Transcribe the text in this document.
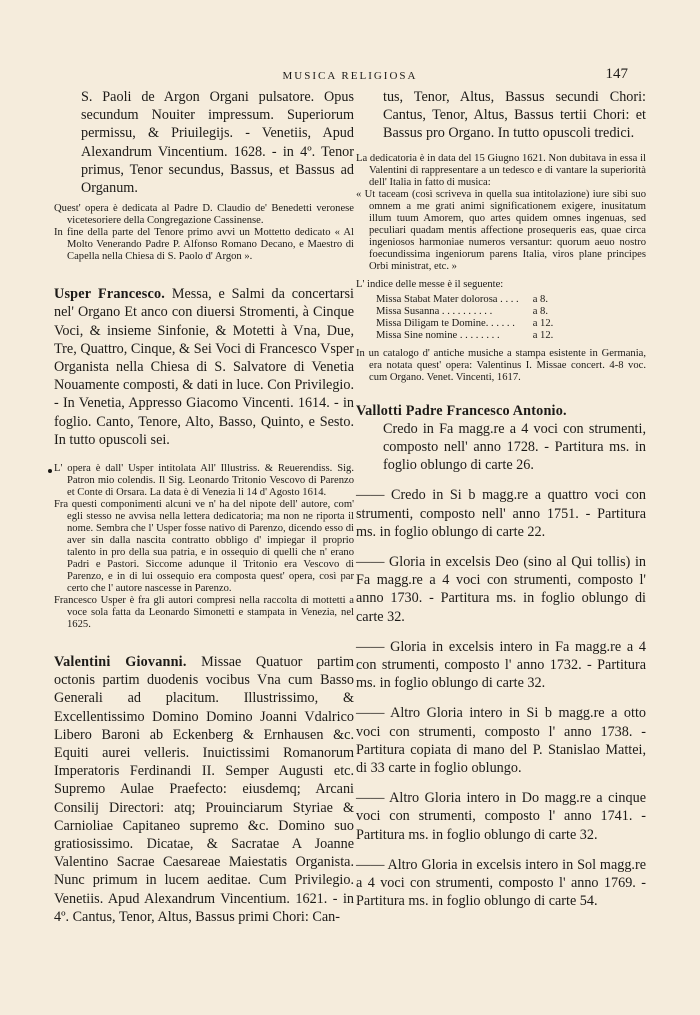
MUSICA RELIGIOSA	147

S. Paoli de Argon Organi pulsatore. Opus secundum Nouiter impressum. Superiorum permissu, & Priuilegijs. - Venetiis, Apud Alexandrum Vincentium. 1628. - in 4º. Tenor primus, Tenor secundus, Bassus, et Bassus ad Organum.

Quest' opera è dedicata al Padre D. Claudio de' Benedetti veronese vicetesoriere della Congregazione Cassinense.

In fine della parte del Tenore primo avvi un Mottetto dedicato « Al Molto Venerando Padre P. Alfonso Romano Decano, e Maestro di Capella nella Chiesa di S. Paolo d' Argon ».

Usper Francesco. Messa, e Salmi da concertarsi nel' Organo Et anco con diuersi Stromenti, à Cinque Voci, & insieme Sinfonie, & Motetti à Vna, Due, Tre, Quattro, Cinque, & Sei Voci di Francesco Vsper Organista nella Chiesa di S. Salvatore di Venetia Nouamente composti, & dati in luce. Con Privilegio. - In Venetia, Appresso Giacomo Vincenti. 1614. - in foglio. Canto, Tenore, Alto, Basso, Quinto, e Sesto. In tutto opuscoli sei.

L' opera è dall' Usper intitolata All' Illustriss. & Reuerendiss. Sig. Patron mio colendis. Il Sig. Leonardo Tritonio Vescovo di Parenzo et Conte di Orsara. La data è di Venezia li 14 d' Agosto 1614.

Fra questi componimenti alcuni ve n' ha del nipote dell' autore, com' egli stesso ne avvisa nella lettera dedicatoria; ma non ne riporta il nome. Sembra che l' Usper fosse nativo di Parenzo, dicendo esso di aver sin dalla nascita contratto obbligo d' impiegar il proprio talento in pro della sua patria, e in ossequio di quelli che n' erano Padri e Pastori. Siccome adunque il Tritonio era Vescovo di Parenzo, e in di lui ossequio era composta quest' opera, così par certo che l' autore nascesse in Parenzo.

Francesco Usper è fra gli autori compresi nella raccolta di mottetti a voce sola fatta da Leonardo Simonetti e stampata in Venezia, nel 1625.

Valentini Giovanni. Missae Quatuor partim octonis partim duodenis vocibus Vna cum Basso Generali ad placitum. Illustrissimo, & Excellentissimo Domino Domino Joanni Vdalrico Libero Baroni ab Eckenberg & Ernhausen &c. Equiti aurei velleris. Inuictissimi Romanorum Imperatoris Ferdinandi II. Semper Augusti etc. Supremo Aulae Praefecto: eiusdemq; Arcani Consilij Directori: atq; Prouinciarum Styriae & Carnioliae Capitaneo supremo &c. Domino suo gratiosissimo. Dicatae, & Sacratae A Joanne Valentino Sacrae Caesareae Maiestatis Organista. Nunc primum in lucem aeditae. Cum Privilegio. Venetiis. Apud Alexandrum Vincentium. 1621. - in 4º. Cantus, Tenor, Altus, Bassus primi Chori: Can-

tus, Tenor, Altus, Bassus secundi Chori: Cantus, Tenor, Altus, Bassus tertii Chori: et Bassus pro Organo. In tutto opuscoli tredici.

La dedicatoria è in data del 15 Giugno 1621. Non dubitava in essa il Valentini di rappresentare a un tedesco e di vantare la superiorità dell' Italia in fatto di musica:

« Ut taceam (così scriveva in quella sua intitolazione) iure sibi suo omnem a me grati animi significationem exigere, inusitatum illum tuum Amorem, quo artes quidem omnes ingenuas, sed peculiari quadam mentis affectione prosequeris eas, quae circa ingeniosos harmoniae numeros versantur: quorum aeuo nostro foecundissima ingeniorum parens Italia, viros plane principes Orbi ministrat, etc. »

L' indice delle messe è il seguente:

Missa Stabat Mater dolorosa . . . .	a 8.
Missa Susanna . . . . . . . . . .	a 8.
Missa Diligam te Domine. . . . . .	a 12.
Missa Sine nomine . . . . . . . .	a 12.

In un catalogo d' antiche musiche a stampa esistente in Germania, era notata quest' opera: Valentinus I. Missae concert. 4-8 voc. cum Organo. Venet. Vincenti, 1617.

Vallotti Padre Francesco Antonio.

Credo in Fa magg.re a 4 voci con strumenti, composto nell' anno 1728. - Partitura ms. in foglio oblungo di carte 26.

—— Credo in Si b magg.re a quattro voci con strumenti, composto nell' anno 1751. - Partitura ms. in foglio oblungo di carte 22.

—— Gloria in excelsis Deo (sino al Qui tollis) in Fa magg.re a 4 voci con strumenti, composto l' anno 1730. - Partitura ms. in foglio oblungo di carte 32.

—— Gloria in excelsis intero in Fa magg.re a 4 con strumenti, composto l' anno 1732. - Partitura ms. in foglio oblungo di carte 32.

—— Altro Gloria intero in Si b magg.re a otto voci con strumenti, composto l' anno 1738. - Partitura copiata di mano del P. Stanislao Mattei, di 33 carte in foglio oblungo.

—— Altro Gloria intero in Do magg.re a cinque voci con strumenti, composto l' anno 1741. - Partitura ms. in foglio oblungo di carte 32.

—— Altro Gloria in excelsis intero in Sol magg.re a 4 voci con strumenti, composto l' anno 1769. - Partitura ms. in foglio oblungo di carte 54.
